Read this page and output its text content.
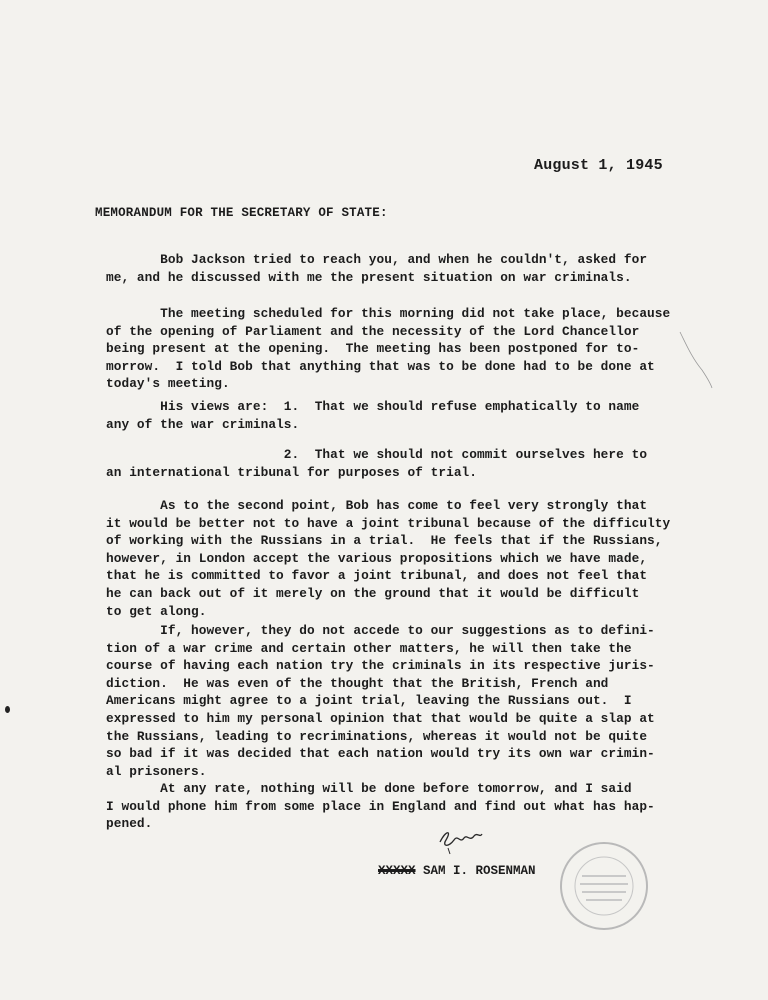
August 1, 1945
MEMORANDUM FOR THE SECRETARY OF STATE:

Bob Jackson tried to reach you, and when he couldn't, asked for
me, and he discussed with me the present situation on war criminals.

The meeting scheduled for this morning did not take place, because
of the opening of Parliament and the necessity of the Lord Chancellor
being present at the opening.  The meeting has been postponed for to-
morrow.  I told Bob that anything that was to be done had to be done at
today's meeting.

His views are:  1.  That we should refuse emphatically to name
any of the war criminals.

2.  That we should not commit ourselves here to
an international tribunal for purposes of trial.

As to the second point, Bob has come to feel very strongly that
it would be better not to have a joint tribunal because of the difficulty
of working with the Russians in a trial.  He feels that if the Russians,
however, in London accept the various propositions which we have made,
that he is committed to favor a joint tribunal, and does not feel that
he can back out of it merely on the ground that it would be difficult
to get along.

If, however, they do not accede to our suggestions as to defini-
tion of a war crime and certain other matters, he will then take the
course of having each nation try the criminals in its respective juris-
diction.  He was even of the thought that the British, French and
Americans might agree to a joint trial, leaving the Russians out.  I
expressed to him my personal opinion that that would be quite a slap at
the Russians, leading to recriminations, whereas it would not be quite
so bad if it was decided that each nation would try its own war crimin-
al prisoners.

At any rate, nothing will be done before tomorrow, and I said
I would phone him from some place in England and find out what has hap-
pened.

XXXXX SAM I. ROSENMAN
